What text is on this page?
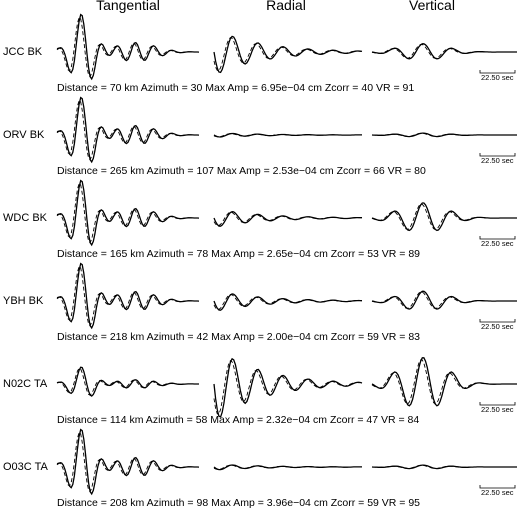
Tangential	Radial	Vertical
JCC BK
Distance = 70 km Azimuth = 30 Max Amp = 6.95e−04 cm Zcorr = 40 VR = 91
22.50 sec
ORV BK
Distance = 265 km Azimuth = 107 Max Amp = 2.53e−04 cm Zcorr = 66 VR = 80
22.50 sec
WDC BK
Distance = 165 km Azimuth = 78 Max Amp = 2.65e−04 cm Zcorr = 53 VR = 89
22.50 sec
YBH BK
Distance = 218 km Azimuth = 42 Max Amp = 2.00e−04 cm Zcorr = 59 VR = 83
22.50 sec
N02C TA
Distance = 114 km Azimuth = 58 Max Amp = 2.32e−04 cm Zcorr = 47 VR = 84
22.50 sec
O03C TA
Distance = 208 km Azimuth = 98 Max Amp = 3.96e−04 cm Zcorr = 59 VR = 95
22.50 sec
